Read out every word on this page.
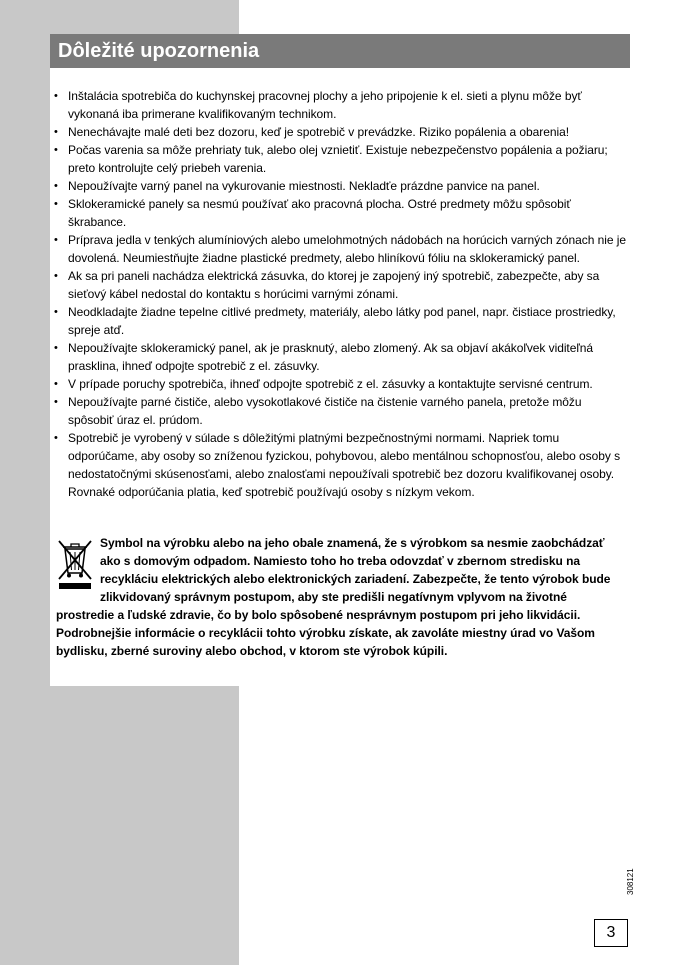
Dôležité upozornenia
• Inštalácia spotrebiča do kuchynskej pracovnej plochy a jeho pripojenie k el. sieti a plynu môže byť vykonaná iba primerane kvalifikovaným technikom.
• Nenechávajte malé deti bez dozoru, keď je spotrebič v prevádzke. Riziko popálenia a obarenia!
• Počas varenia sa môže prehriaty tuk, alebo olej vznietiť. Existuje nebezpečenstvo popálenia a požiaru; preto kontrolujte celý priebeh varenia.
• Nepoužívajte varný panel na vykurovanie miestnosti. Nekladťe prázdne panvice na panel.
• Sklokeramické panely sa nesmú používať ako pracovná plocha. Ostré predmety môžu spôsobiť škrabance.
• Príprava jedla v tenkých alumíniových alebo umelohmotných nádobách na horúcich varných zónach nie je dovolená. Neumiestňujte žiadne plastické predmety, alebo hliníkovú fóliu na sklokeramický panel.
• Ak sa pri paneli nachádza elektrická zásuvka, do ktorej je zapojený iný spotrebič, zabezpečte, aby sa sieťový kábel nedostal do kontaktu s horúcimi varnými zónami.
• Neodkladajte žiadne tepelne citlivé predmety, materiály, alebo látky pod panel, napr. čistiace prostriedky, spreje atď.
• Nepoužívajte sklokeramický panel, ak je prasknutý, alebo zlomený. Ak sa objaví akákoľvek viditeľná prasklina, ihneď odpojte spotrebič z el. zásuvky.
• V prípade poruchy spotrebiča, ihneď odpojte spotrebič z el. zásuvky a kontaktujte servisné centrum.
• Nepoužívajte parné čističe, alebo vysokotlakové čističe na čistenie varného panela, pretože môžu spôsobiť úraz el. prúdom.
• Spotrebič je vyrobený v súlade s dôležitými platnými bezpečnostnými normami. Napriek tomu odporúčame, aby osoby so zníženou fyzickou, pohybovou, alebo mentálnou schopnosťou, alebo osoby s nedostatočnými skúsenosťami, alebo znalosťami nepoužívali spotrebič bez dozoru kvalifikovanej osoby. Rovnaké odporúčania platia, keď spotrebič používajú osoby s nízkym vekom.
Symbol na výrobku alebo na jeho obale znamená, že s výrobkom sa nesmie zaobchádzať ako s domovým odpadom. Namiesto toho ho treba odovzdať v zbernom stredisku na recykláciu elektrických alebo elektronických zariadení. Zabezpečte, že tento výrobok bude zlikvidovaný správnym postupom, aby ste predišli negatívnym vplyvom na životné prostredie a ľudské zdravie, čo by bolo spôsobené nesprávnym postupom pri jeho likvidácii. Podrobnejšie informácie o recyklácii tohto výrobku získate, ak zavoláte miestny úrad vo Vašom bydlisku, zberné suroviny alebo obchod, v ktorom ste výrobok kúpili.
308121
3
